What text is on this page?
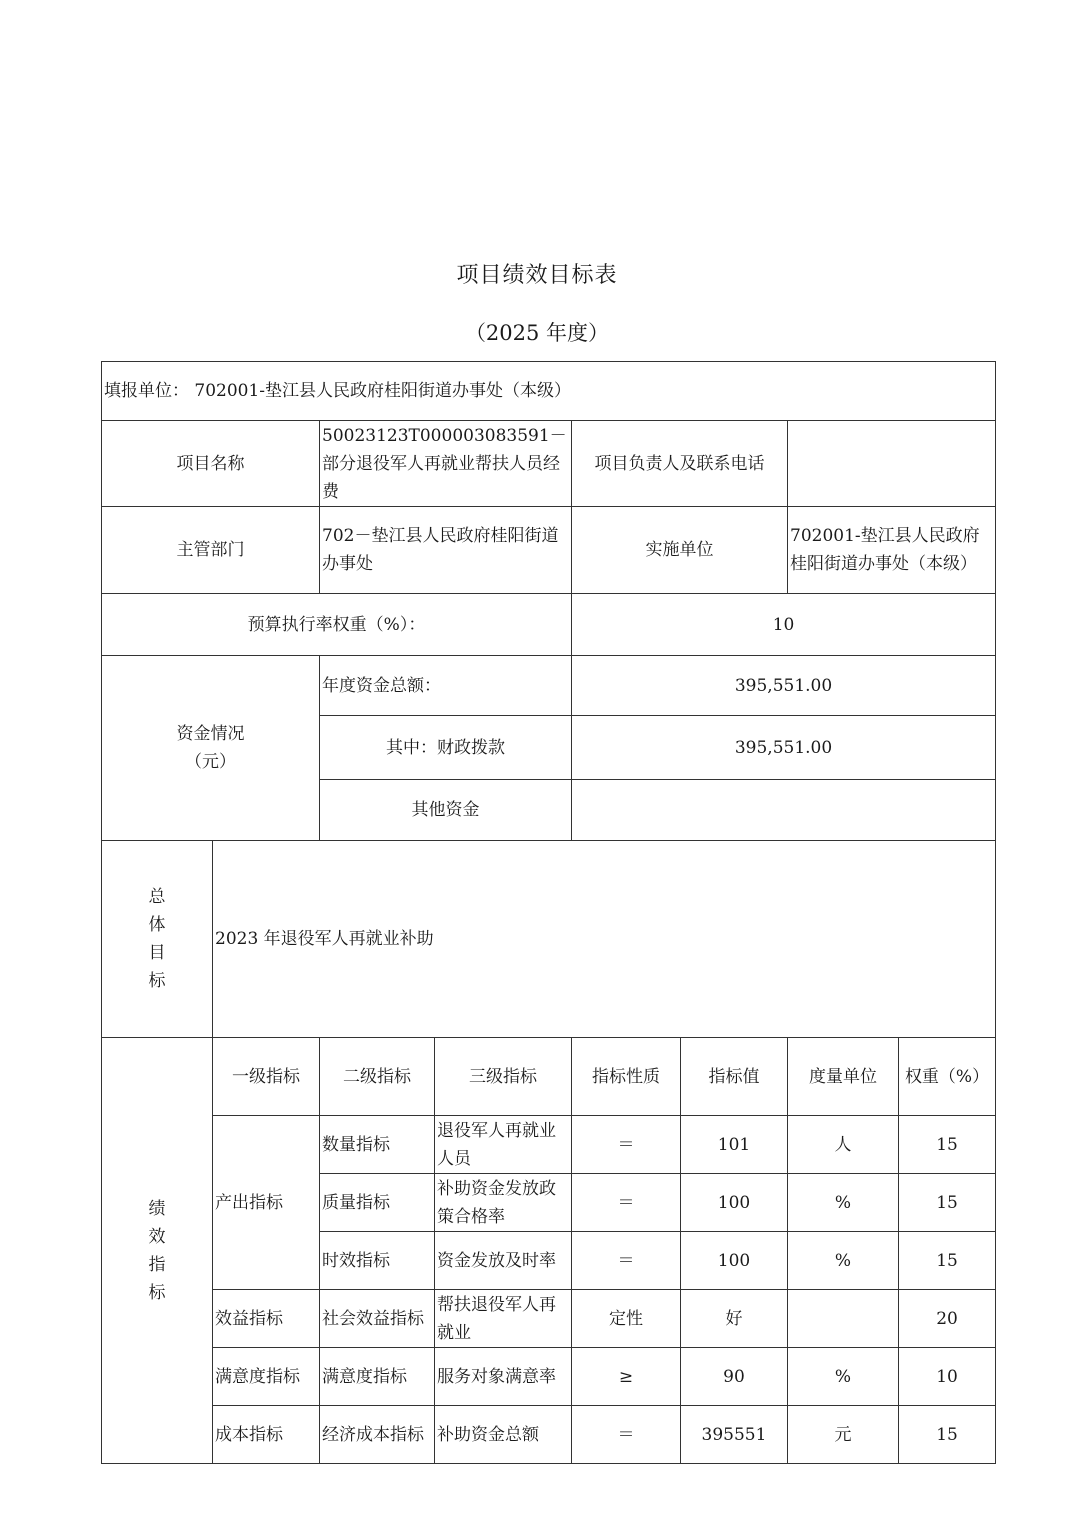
项目绩效目标表
（2025 年度）
填报单位： 702001-垫江县人民政府桂阳街道办事处（本级）							
项目名称		50023123T000003083591－部分退役军人再就业帮扶人员经费		项目负责人及联系电话			
主管部门		702－垫江县人民政府桂阳街道办事处		实施单位		702001-垫江县人民政府桂阳街道办事处（本级）	
预算执行率权重（%）：				10			

资金情况
（元）		年度资金总额：		395,551.00			
		其中：财政拨款		395,551.00			
		其他资金					

总
体
目
标	2023 年退役军人再就业补助						

绩
效
指
标	一级指标	二级指标	三级指标	指标性质	指标值	度量单位	权重（%）
	产出指标	数量指标	退役军人再就业人员	＝	101	人	15
		质量指标	补助资金发放政策合格率	＝	100	%	15
		时效指标	资金发放及时率	＝	100	%	15
	效益指标	社会效益指标	帮扶退役军人再就业	定性	好		20
	满意度指标	满意度指标	服务对象满意率	≥	90	%	10
	成本指标	经济成本指标	补助资金总额	＝	395551	元	15
